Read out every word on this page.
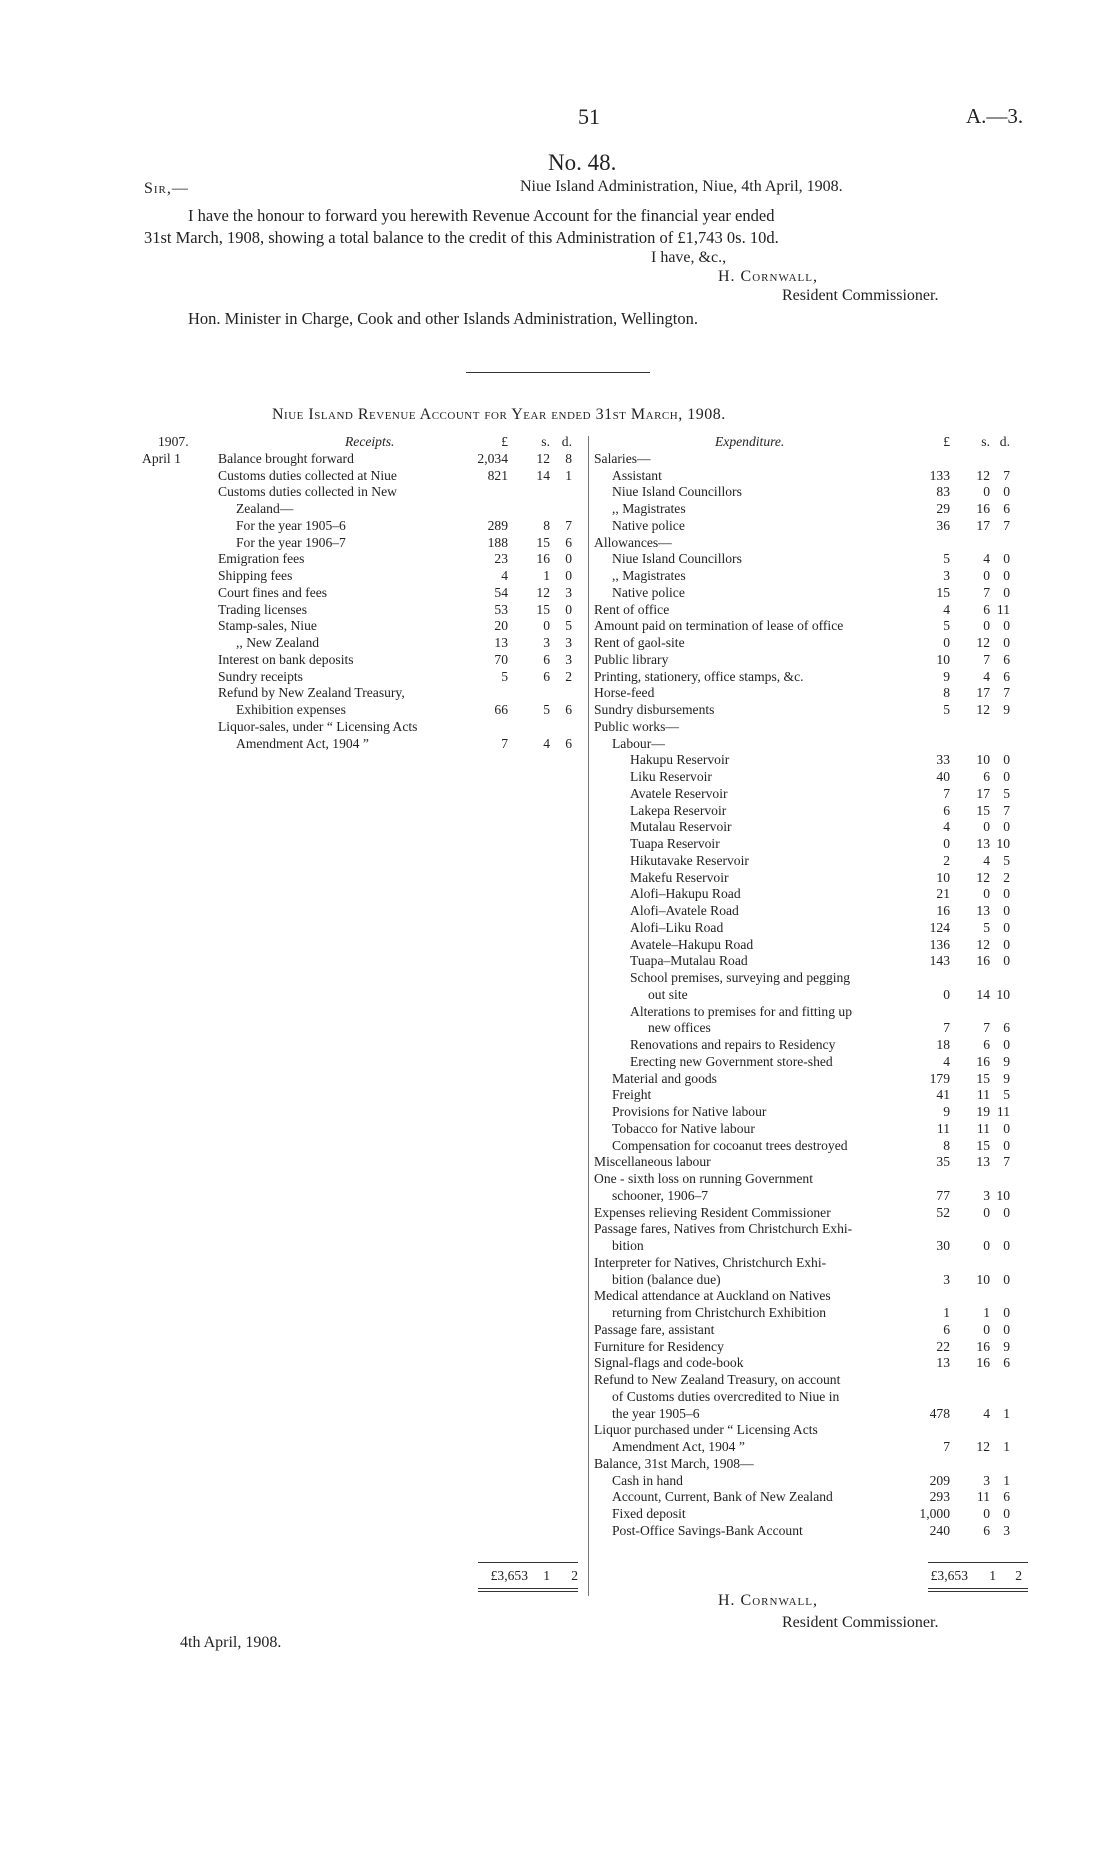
51	A.—3.
No. 48.
Sir,—	Niue Island Administration, Niue, 4th April, 1908.
I have the honour to forward you herewith Revenue Account for the financial year ended
31st March, 1908, showing a total balance to the credit of this Administration of £1,743 0s. 10d.
I have, &c.,
H. Cornwall,
Resident Commissioner.
Hon. Minister in Charge, Cook and other Islands Administration, Wellington.
Niue Island Revenue Account for Year ended 31st March, 1908.
1907.
April 1
Receipts.	£	s. d.
Balance brought forward	2,034	12	8
Customs duties collected at Niue	821	14	1
Customs duties collected in New
Zealand—
For the year 1905–6	289	8	7
For the year 1906–7	188	15	6
Emigration fees	23	16	0
Shipping fees	4	1	0
Court fines and fees	54	12	3
Trading licenses	53	15	0
Stamp-sales, Niue	20	0	5
,, New Zealand	13	3	3
Interest on bank deposits	70	6	3
Sundry receipts	5	6	2
Refund by New Zealand Treasury,
Exhibition expenses	66	5	6
Liquor-sales, under “ Licensing Acts
Amendment Act, 1904 ”	7	4	6
Expenditure.	£	s. d.
Salaries—
Assistant	133	12 7
Niue Island Councillors	83	0 0
,, Magistrates	29	16 6
Native police	36	17 7
Allowances—
Niue Island Councillors	5	4 0
,, Magistrates	3	0 0
Native police	15	7 0
Rent of office	4	6 11
Amount paid on termination of lease of office	5	0 0
Rent of gaol-site	0	12 0
Public library	10	7 6
Printing, stationery, office stamps, &c.	9	4 6
Horse-feed	8	17 7
Sundry disbursements	5	12 9
Public works—
Labour—
Hakupu Reservoir	33	10 0
Liku Reservoir	40	6 0
Avatele Reservoir	7	17 5
Lakepa Reservoir	6	15 7
Mutalau Reservoir	4	0 0
Tuapa Reservoir	0	13 10
Hikutavake Reservoir	2	4 5
Makefu Reservoir	10	12 2
Alofi–Hakupu Road	21	0 0
Alofi–Avatele Road	16	13 0
Alofi–Liku Road	124	5 0
Avatele–Hakupu Road	136	12 0
Tuapa–Mutalau Road	143	16 0
School premises, surveying and pegging
out site	0	14 10
Alterations to premises for and fitting up
new offices	7	7 6
Renovations and repairs to Residency	18	6 0
Erecting new Government store-shed	4	16 9
Material and goods	179	15 9
Freight	41	11 5
Provisions for Native labour	9	19 11
Tobacco for Native labour	11	11 0
Compensation for cocoanut trees destroyed	8	15 0
Miscellaneous labour	35	13 7
One - sixth loss on running Government
schooner, 1906–7	77	3 10
Expenses relieving Resident Commissioner	52	0 0
Passage fares, Natives from Christchurch Exhi-
bition	30	0 0
Interpreter for Natives, Christchurch Exhi-
bition (balance due)	3	10 0
Medical attendance at Auckland on Natives
returning from Christchurch Exhibition	1	1 0
Passage fare, assistant	6	0 0
Furniture for Residency	22	16 9
Signal-flags and code-book	13	16 6
Refund to New Zealand Treasury, on account
of Customs duties overcredited to Niue in
the year 1905–6	478	4 1
Liquor purchased under “ Licensing Acts
Amendment Act, 1904 ”	7	12 1
Balance, 31st March, 1908—
Cash in hand	209	3 1
Account, Current, Bank of New Zealand	293	11 6
Fixed deposit	1,000	0 0
Post-Office Savings-Bank Account	240	6 3
£3,653	1	2	£3,653	1	2
H. Cornwall,
Resident Commissioner.
4th April, 1908.
